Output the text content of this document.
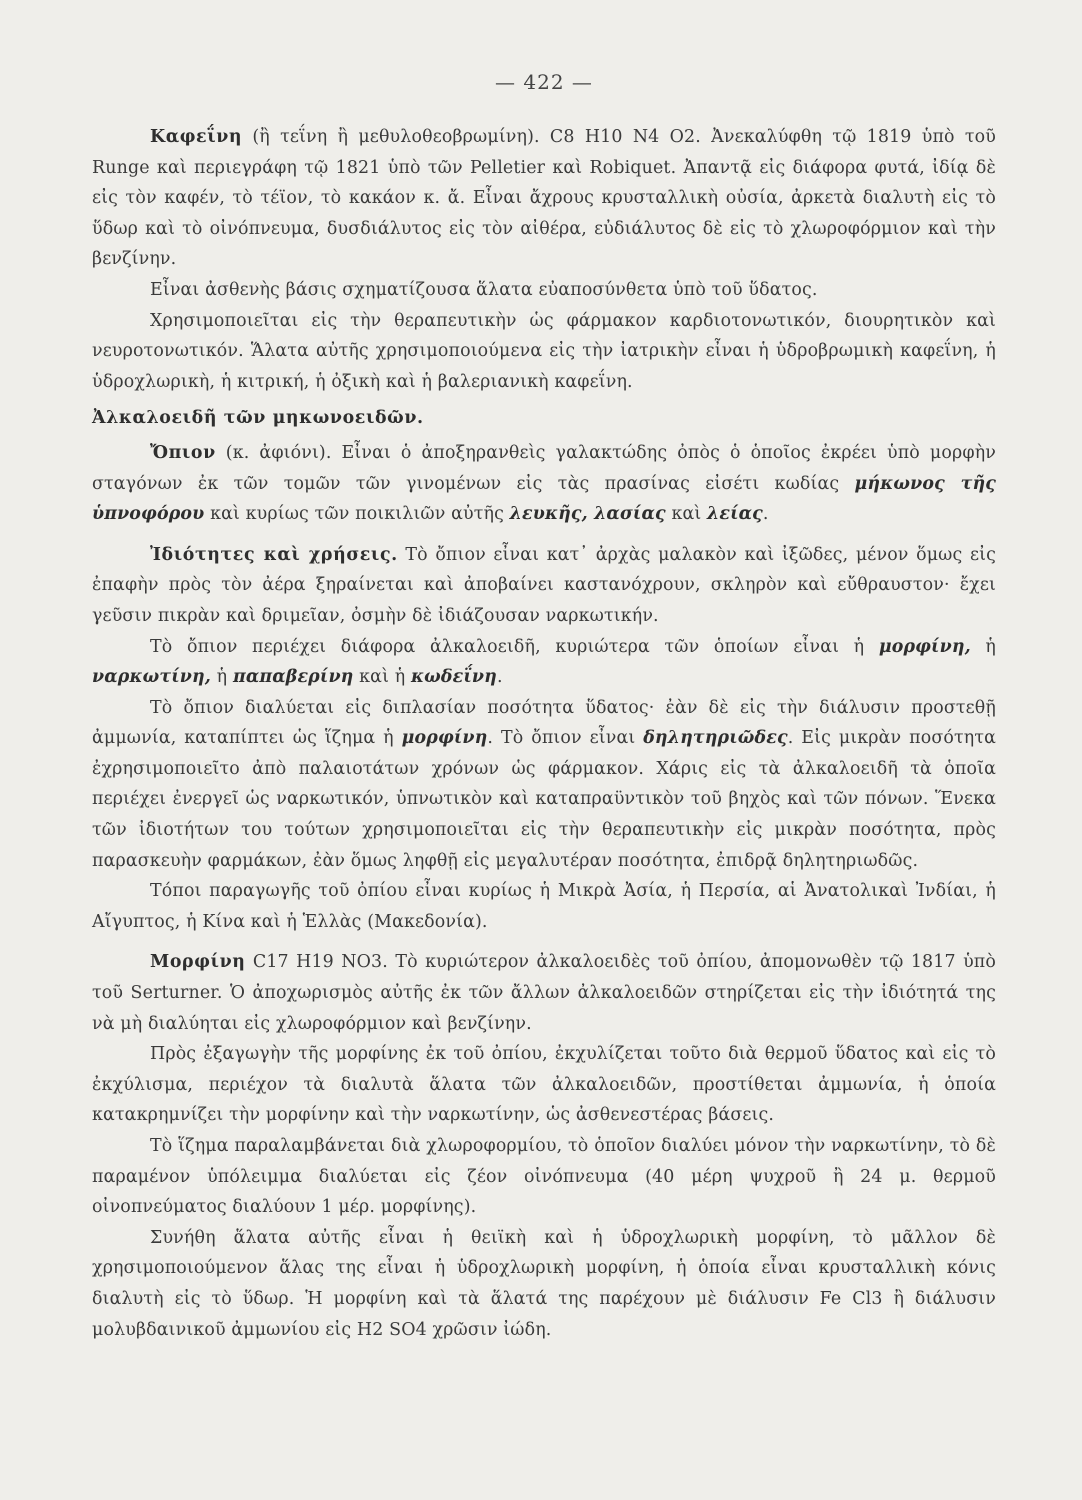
— 422 —

Καφεΐνη (ἢ τεΐνη ἢ μεθυλοθεοβρωμίνη). C8 H10 N4 O2. Ἀνεκαλύφθη τῷ 1819 ὑπὸ τοῦ Runge καὶ περιεγράφη τῷ 1821 ὑπὸ τῶν Pelletier καὶ Robiquet. Ἀπαντᾷ εἰς διάφορα φυτά, ἰδίᾳ δὲ εἰς τὸν καφέν, τὸ τέϊον, τὸ κακάον κ. ἄ. Εἶναι ἄχρους κρυσταλλικὴ οὐσία, ἀρκετὰ διαλυτὴ εἰς τὸ ὕδωρ καὶ τὸ οἰνόπνευμα, δυσδιάλυτος εἰς τὸν αἰθέρα, εὐδιάλυτος δὲ εἰς τὸ χλωροφόρμιον καὶ τὴν βενζίνην.

Εἶναι ἀσθενὴς βάσις σχηματίζουσα ἅλατα εὐαποσύνθετα ὑπὸ τοῦ ὕδατος.

Χρησιμοποιεῖται εἰς τὴν θεραπευτικὴν ὡς φάρμακον καρδιοτονωτικόν, διουρητικὸν καὶ νευροτονωτικόν. Ἅλατα αὐτῆς χρησιμοποιούμενα εἰς τὴν ἰατρικὴν εἶναι ἡ ὑδροβρωμικὴ καφεΐνη, ἡ ὑδροχλωρικὴ, ἡ κιτρική, ἡ ὀξικὴ καὶ ἡ βαλεριανικὴ καφεΐνη.

Ἀλκαλοειδῆ τῶν μηκωνοειδῶν.

Ὄπιον (κ. ἀφιόνι). Εἶναι ὁ ἀποξηρανθεὶς γαλακτώδης ὀπὸς ὁ ὁποῖος ἐκρέει ὑπὸ μορφὴν σταγόνων ἐκ τῶν τομῶν τῶν γινομένων εἰς τὰς πρασίνας εἰσέτι κωδίας μήκωνος τῆς ὑπνοφόρου καὶ κυρίως τῶν ποικιλιῶν αὐτῆς λευκῆς, λασίας καὶ λείας.

Ἰδιότητες καὶ χρήσεις. Τὸ ὄπιον εἶναι κατ᾽ ἀρχὰς μαλακὸν καὶ ἰξῶδες, μένον ὅμως εἰς ἐπαφὴν πρὸς τὸν ἀέρα ξηραίνεται καὶ ἀποβαίνει καστανόχρουν, σκληρὸν καὶ εὔθραυστον· ἔχει γεῦσιν πικρὰν καὶ δριμεῖαν, ὀσμὴν δὲ ἰδιάζουσαν ναρκωτικήν.

Τὸ ὄπιον περιέχει διάφορα ἀλκαλοειδῆ, κυριώτερα τῶν ὁποίων εἶναι ἡ μορφίνη, ἡ ναρκωτίνη, ἡ παπαβερίνη καὶ ἡ κωδεΐνη.

Τὸ ὄπιον διαλύεται εἰς διπλασίαν ποσότητα ὕδατος· ἐὰν δὲ εἰς τὴν διάλυσιν προστεθῇ ἀμμωνία, καταπίπτει ὡς ἵζημα ἡ μορφίνη. Τὸ ὄπιον εἶναι δηλητηριῶδες. Εἰς μικρὰν ποσότητα ἐχρησιμοποιεῖτο ἀπὸ παλαιοτάτων χρόνων ὡς φάρμακον. Χάρις εἰς τὰ ἀλκαλοειδῆ τὰ ὁποῖα περιέχει ἐνεργεῖ ὡς ναρκωτικόν, ὑπνωτικὸν καὶ καταπραϋντικὸν τοῦ βηχὸς καὶ τῶν πόνων. Ἕνεκα τῶν ἰδιοτήτων του τούτων χρησιμοποιεῖται εἰς τὴν θεραπευτικὴν εἰς μικρὰν ποσότητα, πρὸς παρασκευὴν φαρμάκων, ἐὰν ὅμως ληφθῇ εἰς μεγαλυτέραν ποσότητα, ἐπιδρᾷ δηλητηριωδῶς.

Τόποι παραγωγῆς τοῦ ὀπίου εἶναι κυρίως ἡ Μικρὰ Ἀσία, ἡ Περσία, αἱ Ἀνατολικαὶ Ἰνδίαι, ἡ Αἴγυπτος, ἡ Κίνα καὶ ἡ Ἑλλὰς (Μακεδονία).

Μορφίνη C17 H19 NO3. Τὸ κυριώτερον ἀλκαλοειδὲς τοῦ ὀπίου, ἀπομονωθὲν τῷ 1817 ὑπὸ τοῦ Serturner. Ὁ ἀποχωρισμὸς αὐτῆς ἐκ τῶν ἄλλων ἀλκαλοειδῶν στηρίζεται εἰς τὴν ἰδιότητά της νὰ μὴ διαλύηται εἰς χλωροφόρμιον καὶ βενζίνην.

Πρὸς ἐξαγωγὴν τῆς μορφίνης ἐκ τοῦ ὀπίου, ἐκχυλίζεται τοῦτο διὰ θερμοῦ ὕδατος καὶ εἰς τὸ ἐκχύλισμα, περιέχον τὰ διαλυτὰ ἅλατα τῶν ἀλκαλοειδῶν, προστίθεται ἀμμωνία, ἡ ὁποία κατακρημνίζει τὴν μορφίνην καὶ τὴν ναρκωτίνην, ὡς ἀσθενεστέρας βάσεις.

Τὸ ἵζημα παραλαμβάνεται διὰ χλωροφορμίου, τὸ ὁποῖον διαλύει μόνον τὴν ναρκωτίνην, τὸ δὲ παραμένον ὑπόλειμμα διαλύεται εἰς ζέον οἰνόπνευμα (40 μέρη ψυχροῦ ἢ 24 μ. θερμοῦ οἰνοπνεύματος διαλύουν 1 μέρ. μορφίνης).

Συνήθη ἅλατα αὐτῆς εἶναι ἡ θειϊκὴ καὶ ἡ ὑδροχλωρικὴ μορφίνη, τὸ μᾶλλον δὲ χρησιμοποιούμενον ἅλας της εἶναι ἡ ὑδροχλωρικὴ μορφίνη, ἡ ὁποία εἶναι κρυσταλλικὴ κόνις διαλυτὴ εἰς τὸ ὕδωρ. Ἡ μορφίνη καὶ τὰ ἅλατά της παρέχουν μὲ διάλυσιν Fe Cl3 ἢ διάλυσιν μολυβδαινικοῦ ἀμμωνίου εἰς H2 SO4 χρῶσιν ἰώδη.
